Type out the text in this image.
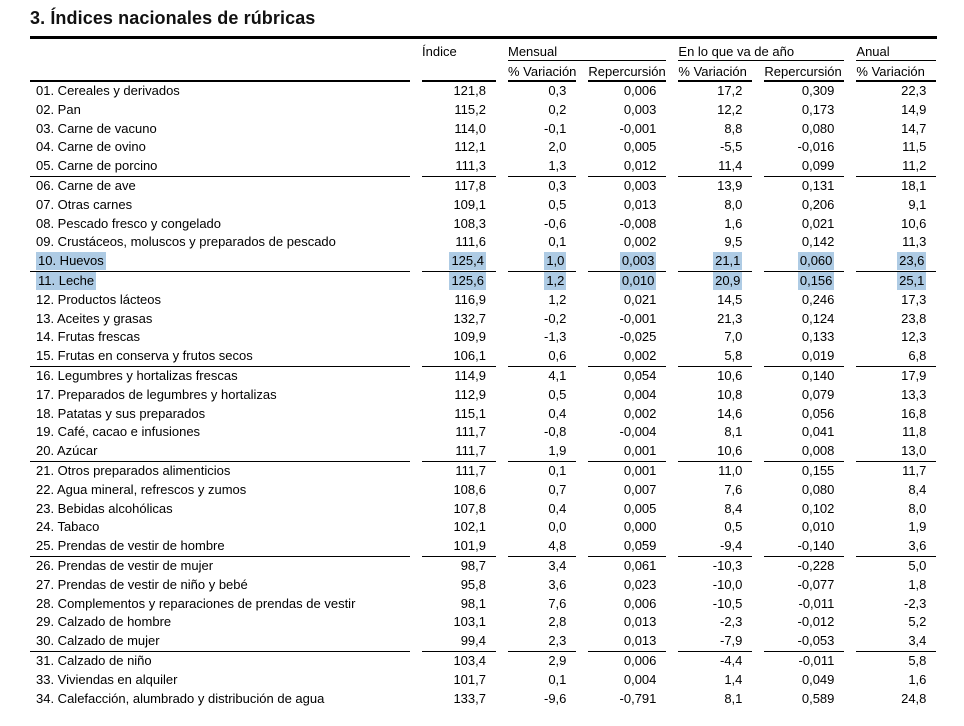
3. Índices nacionales de rúbricas
	Índice	Mensual		En lo que va de año		Anual
		% Variación	Repercursión	% Variación	Repercursión	% Variación
01. Cereales y derivados	121,8	0,3	0,006	17,2	0,309	22,3
02. Pan	115,2	0,2	0,003	12,2	0,173	14,9
03. Carne de vacuno	114,0	-0,1	-0,001	8,8	0,080	14,7
04. Carne de ovino	112,1	2,0	0,005	-5,5	-0,016	11,5
05. Carne de porcino	111,3	1,3	0,012	11,4	0,099	11,2
06. Carne de ave	117,8	0,3	0,003	13,9	0,131	18,1
07. Otras carnes	109,1	0,5	0,013	8,0	0,206	9,1
08. Pescado fresco y congelado	108,3	-0,6	-0,008	1,6	0,021	10,6
09. Crustáceos, moluscos y preparados de pescado	111,6	0,1	0,002	9,5	0,142	11,3
10. Huevos	125,4	1,0	0,003	21,1	0,060	23,6
11. Leche	125,6	1,2	0,010	20,9	0,156	25,1
12. Productos lácteos	116,9	1,2	0,021	14,5	0,246	17,3
13. Aceites y grasas	132,7	-0,2	-0,001	21,3	0,124	23,8
14. Frutas frescas	109,9	-1,3	-0,025	7,0	0,133	12,3
15. Frutas en conserva y frutos secos	106,1	0,6	0,002	5,8	0,019	6,8
16. Legumbres y hortalizas frescas	114,9	4,1	0,054	10,6	0,140	17,9
17. Preparados de legumbres y hortalizas	112,9	0,5	0,004	10,8	0,079	13,3
18. Patatas y sus preparados	115,1	0,4	0,002	14,6	0,056	16,8
19. Café, cacao e infusiones	111,7	-0,8	-0,004	8,1	0,041	11,8
20. Azúcar	111,7	1,9	0,001	10,6	0,008	13,0
21. Otros preparados alimenticios	111,7	0,1	0,001	11,0	0,155	11,7
22. Agua mineral, refrescos y zumos	108,6	0,7	0,007	7,6	0,080	8,4
23. Bebidas alcohólicas	107,8	0,4	0,005	8,4	0,102	8,0
24. Tabaco	102,1	0,0	0,000	0,5	0,010	1,9
25. Prendas de vestir de hombre	101,9	4,8	0,059	-9,4	-0,140	3,6
26. Prendas de vestir de mujer	98,7	3,4	0,061	-10,3	-0,228	5,0
27. Prendas de vestir de niño y bebé	95,8	3,6	0,023	-10,0	-0,077	1,8
28. Complementos y reparaciones de prendas de vestir	98,1	7,6	0,006	-10,5	-0,011	-2,3
29. Calzado de hombre	103,1	2,8	0,013	-2,3	-0,012	5,2
30. Calzado de mujer	99,4	2,3	0,013	-7,9	-0,053	3,4
31. Calzado de niño	103,4	2,9	0,006	-4,4	-0,011	5,8
33. Viviendas en alquiler	101,7	0,1	0,004	1,4	0,049	1,6
34. Calefacción, alumbrado y distribución de agua	133,7	-9,6	-0,791	8,1	0,589	24,8
